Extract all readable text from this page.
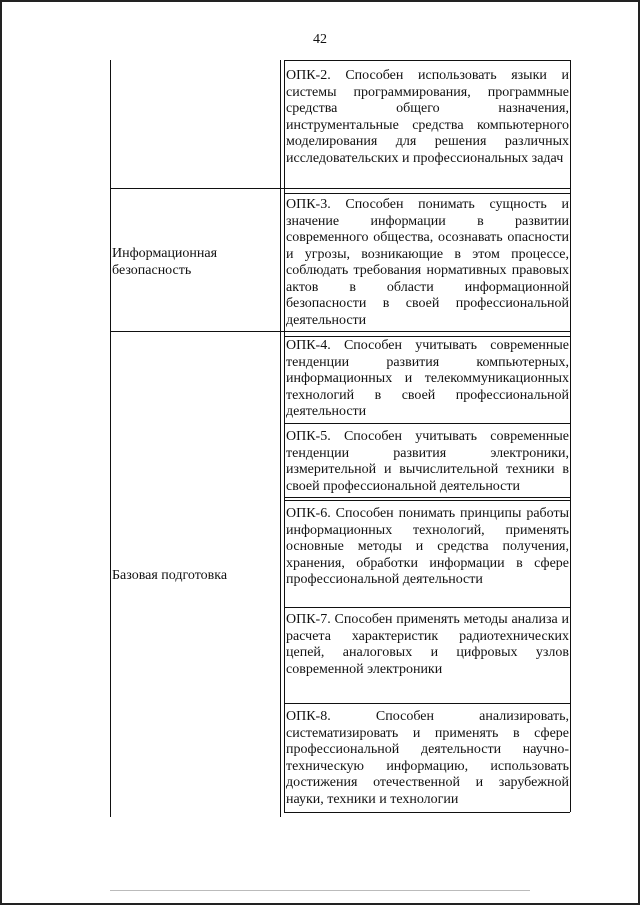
42
Информационная безопасность
Базовая подготовка
ОПК-2. Способен использовать языки и системы программирования, программные средства общего назначения, инструментальные средства компьютерного моделирования для решения различных исследовательских и профессиональных задач
ОПК-3. Способен понимать сущность и значение информации в развитии современного общества, осознавать опасности и угрозы, возникающие в этом процессе, соблюдать требования нормативных правовых актов в области информационной безопасности в своей профессиональной деятельности
ОПК-4. Способен учитывать современные тенденции развития компьютерных, информационных и телекоммуникационных технологий в своей профессиональной деятельности
ОПК-5. Способен учитывать современные тенденции развития электроники, измерительной и вычислительной техники в своей профессиональной деятельности
ОПК-6. Способен понимать принципы работы информационных технологий, применять основные методы и средства получения, хранения, обработки информации в сфере профессиональной деятельности
ОПК-7. Способен применять методы анализа и расчета характеристик радиотехнических цепей, аналоговых и цифровых узлов современной электроники
ОПК-8. Способен анализировать, систематизировать и применять в сфере профессиональной деятельности научно-техническую информацию, использовать достижения отечественной и зарубежной науки, техники и технологии
